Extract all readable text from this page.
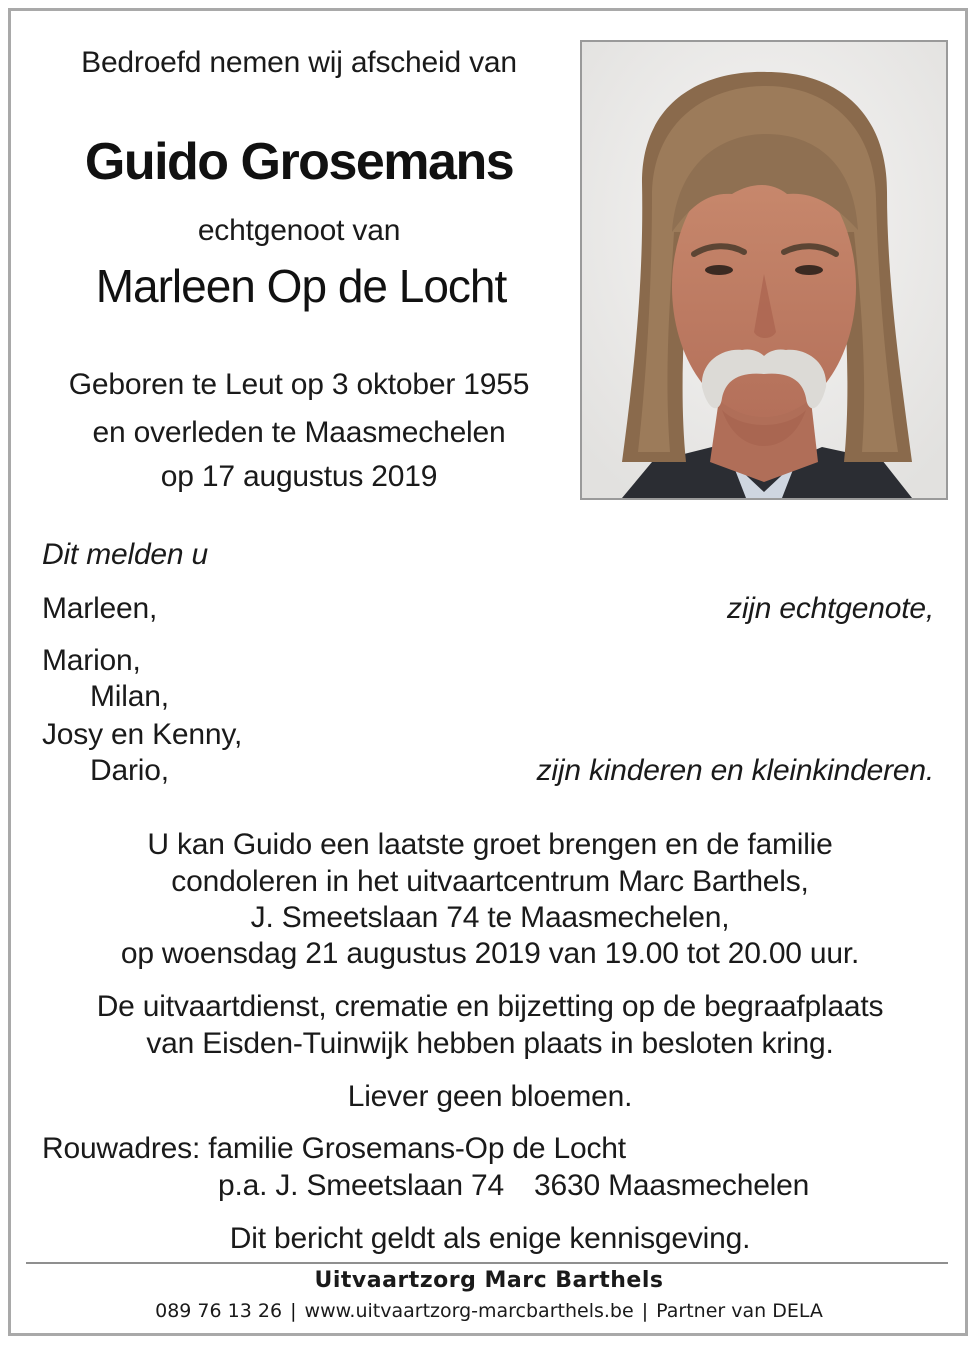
Bedroefd nemen wij afscheid van
Guido Grosemans
echtgenoot van
Marleen Op de Locht
Geboren te Leut op 3 oktober 1955
en overleden te Maasmechelen
op 17 augustus 2019
Dit melden u
Marleen,	zijn echtgenote,
Marion,
Milan,
Josy en Kenny,
Dario,	zijn kinderen en kleinkinderen.
U kan Guido een laatste groet brengen en de familie
condoleren in het uitvaartcentrum Marc Barthels,
J. Smeetslaan 74 te Maasmechelen,
op woensdag 21 augustus 2019 van 19.00 tot 20.00 uur.
De uitvaartdienst, crematie en bijzetting op de begraafplaats
van Eisden-Tuinwijk hebben plaats in besloten kring.
Liever geen bloemen.
Rouwadres: familie Grosemans-Op de Locht
p.a. J. Smeetslaan 74 3630 Maasmechelen
Dit bericht geldt als enige kennisgeving.
Uitvaartzorg Marc Barthels
089 76 13 26 | www.uitvaartzorg-marcbarthels.be | Partner van DELA
